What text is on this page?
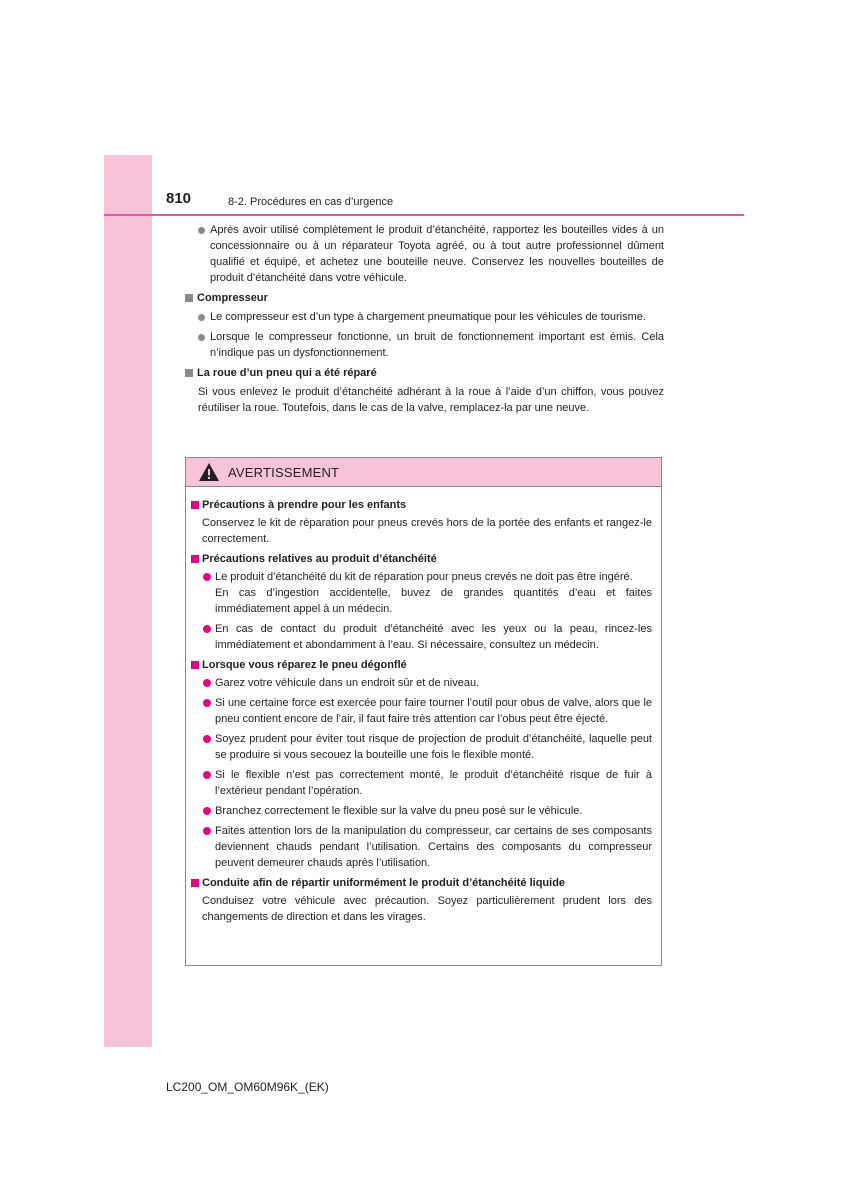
810	8-2. Procédures en cas d’urgence
Après avoir utilisé complètement le produit d’étanchéité, rapportez les bouteilles vides à un concessionnaire ou à un réparateur Toyota agréé, ou à tout autre professionnel dûment qualifié et équipé, et achetez une bouteille neuve. Conservez les nouvelles bouteilles de produit d’étanchéité dans votre véhicule.
Compresseur
Le compresseur est d’un type à chargement pneumatique pour les véhicules de tourisme.
Lorsque le compresseur fonctionne, un bruit de fonctionnement important est émis. Cela n’indique pas un dysfonctionnement.
La roue d’un pneu qui a été réparé
Si vous enlevez le produit d’étanchéité adhérant à la roue à l’aide d’un chiffon, vous pouvez réutiliser la roue. Toutefois, dans le cas de la valve, remplacez-la par une neuve.
AVERTISSEMENT
Précautions à prendre pour les enfants
Conservez le kit de réparation pour pneus crevés hors de la portée des enfants et rangez-le correctement.
Précautions relatives au produit d’étanchéité
Le produit d’étanchéité du kit de réparation pour pneus crevés ne doit pas être ingéré.
En cas d’ingestion accidentelle, buvez de grandes quantités d’eau et faites immédiatement appel à un médecin.
En cas de contact du produit d’étanchéité avec les yeux ou la peau, rincez-les immédiatement et abondamment à l’eau. Si nécessaire, consultez un médecin.
Lorsque vous réparez le pneu dégonflé
Garez votre véhicule dans un endroit sûr et de niveau.
Si une certaine force est exercée pour faire tourner l’outil pour obus de valve, alors que le pneu contient encore de l’air, il faut faire très attention car l’obus peut être éjecté.
Soyez prudent pour éviter tout risque de projection de produit d’étanchéité, laquelle peut se produire si vous secouez la bouteille une fois le flexible monté.
Si le flexible n’est pas correctement monté, le produit d’étanchéité risque de fuir à l’extérieur pendant l’opération.
Branchez correctement le flexible sur la valve du pneu posé sur le véhicule.
Faites attention lors de la manipulation du compresseur, car certains de ses composants deviennent chauds pendant l’utilisation. Certains des composants du compresseur peuvent demeurer chauds après l’utilisation.
Conduite afin de répartir uniformément le produit d’étanchéité liquide
Conduisez votre véhicule avec précaution. Soyez particulièrement prudent lors des changements de direction et dans les virages.
LC200_OM_OM60M96K_(EK)
